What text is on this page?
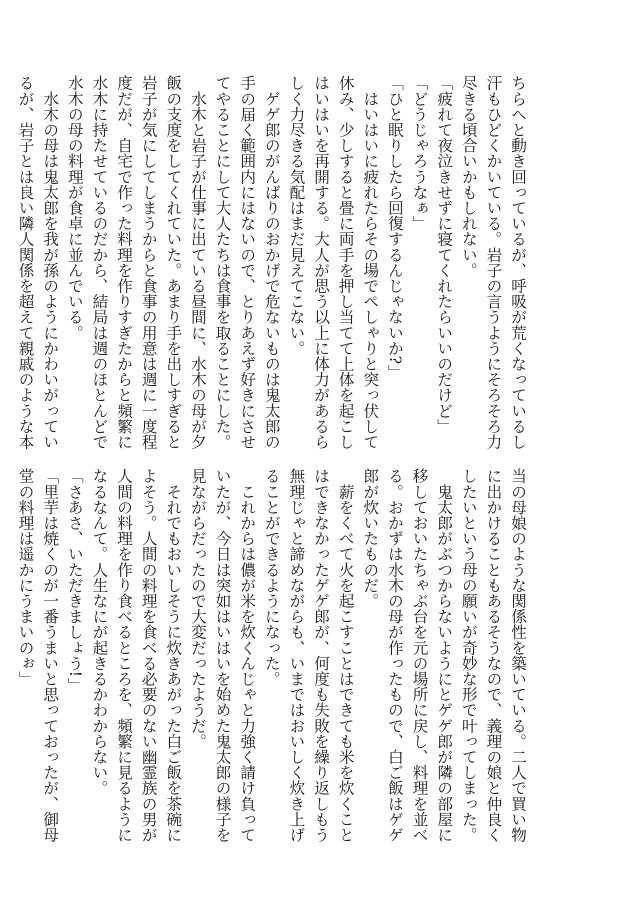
ちらへと動き回っているが、呼吸が荒くなっているし
汗もひどくかいている。岩子の言うようにそろそろ力
尽きる頃合いかもしれない。
「疲れて夜泣きせずに寝てくれたらいいのだけど」
「どうじゃろうなぁ」
「ひと眠りしたら回復するんじゃないか?」
　はいはいに疲れたらその場でぺしゃりと突っ伏して
休み、少しすると畳に両手を押し当てて上体を起こし
はいはいを再開する。大人が思う以上に体力があるら
しく力尽きる気配はまだ見えてこない。
　ゲゲ郎のがんばりのおかげで危ないものは鬼太郎の
手の届く範囲内にはないので、とりあえず好きにさせ
てやることにして大人たちは食事を取ることにした。
　水木と岩子が仕事に出ている昼間に、水木の母が夕
飯の支度をしてくれていた。あまり手を出しすぎると
岩子が気にしてしまうからと食事の用意は週に一度程
度だが、自宅で作った料理を作りすぎたからと頻繁に
水木に持たせているのだから、結局は週のほとんどで
水木の母の料理が食卓に並んでいる。
　水木の母は鬼太郎を我が孫のようにかわいがってい
るが、岩子とは良い隣人関係を超えて親戚のような本
当の母娘のような関係性を築いている。二人で買い物
に出かけることもあるそうなので、義理の娘と仲良く
したいという母の願いが奇妙な形で叶ってしまった。
　鬼太郎がぶつからないようにとゲゲ郎が隣の部屋に
移しておいたちゃぶ台を元の場所に戻し、料理を並べ
る。おかずは水木の母が作ったもので、白ご飯はゲゲ
郎が炊いたものだ。
　薪をくべて火を起こすことはできても米を炊くこと
はできなかったゲゲ郎が、何度も失敗を繰り返しもう
無理じゃと諦めながらも、いまではおいしく炊き上げ
ることができるようになった。
　これからは儂が米を炊くんじゃと力強く請け負って
いたが、今日は突如はいはいを始めた鬼太郎の様子を
見ながらだったので大変だったようだ。
　それでもおいしそうに炊きあがった白ご飯を茶碗に
よそう。人間の料理を食べる必要のない幽霊族の男が
人間の料理を作り食べるところを、頻繁に見るように
なるなんて。人生なにが起きるかわからない。
「さあさ、いただきましょう!」
「里芋は焼くのが一番うまいと思っておったが、御母
堂の料理は遥かにうまいのぉ」
